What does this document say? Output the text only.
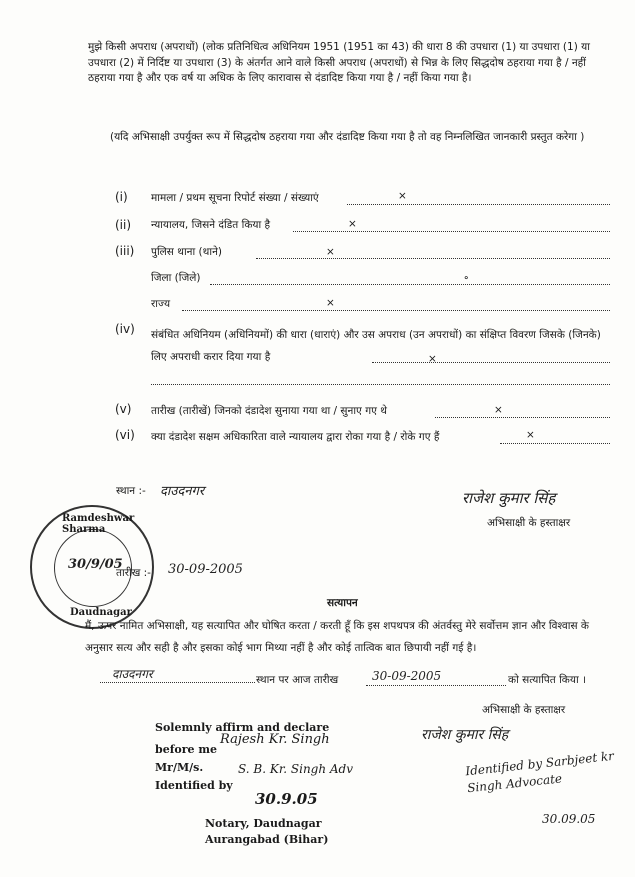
मुझे किसी अपराध (अपराधों) (लोक प्रतिनिधित्व अधिनियम 1951 (1951 का 43) की धारा 8 की उपधारा (1) या उपधारा (1) या उपधारा (2) में निर्दिष्ट या उपधारा (3) के अंतर्गत आने वाले किसी अपराध (अपराधों) से भिन्न के लिए सिद्धदोष ठहराया गया है / नहीं ठहराया गया है और एक वर्ष या अधिक के लिए कारावास से दंडादिष्ट किया गया है / नहीं किया गया है।
(यदि अभिसाक्षी उपर्युक्त रूप में सिद्धदोष ठहराया गया और दंडादिष्ट किया गया है तो वह निम्नलिखित जानकारी प्रस्तुत करेगा )
(i) मामला / प्रथम सूचना रिपोर्ट संख्या / संख्याएं	×
(ii) न्यायालय, जिसने दंडित किया है	×
(iii) पुलिस थाना (थाने)	×
जिला (जिले)	॰
राज्य	×
(iv) संबंधित अधिनियम (अधिनियमों) की धारा (धाराएं) और उस अपराध (उन अपराधों) का संक्षिप्त विवरण जिसके (जिनके) लिए अपराधी करार दिया गया है	×
(v) तारीख (तारीखें) जिनको दंडादेश सुनाया गया था / सुनाए गए थे	×
(vi) क्या दंडादेश सक्षम अधिकारिता वाले न्यायालय द्वारा रोका गया है / रोके गए हैं	×
स्थान :- दाउदनगर	राजेश कुमार सिंह
अभिसाक्षी के हस्ताक्षर
Ramdeshwar Sharma
30/9/05
Daudnagar
तारीख :- 30-09-2005
सत्यापन
मैं, ऊपर नामित अभिसाक्षी, यह सत्यापित और घोषित करता / करती हूँ कि इस शपथपत्र की अंतर्वस्तु मेरे सर्वोत्तम ज्ञान और विश्वास के अनुसार सत्य और सही है और इसका कोई भाग मिथ्या नहीं है और कोई तात्विक बात छिपायी नहीं गई है।
दाउदनगर	स्थान पर आज तारीख	30-09-2005	को सत्यापित किया ।
अभिसाक्षी के हस्ताक्षर
राजेश कुमार सिंह
Identified by Sarbjeet kr Singh Advocate
30.09.05
Solemnly affirm and declare
before me
Rajesh Kr. Singh
Mr/M/s.
Identified by
S. B. Kr. Singh Adv
30.9.05
Notary, Daudnagar
Aurangabad (Bihar)
